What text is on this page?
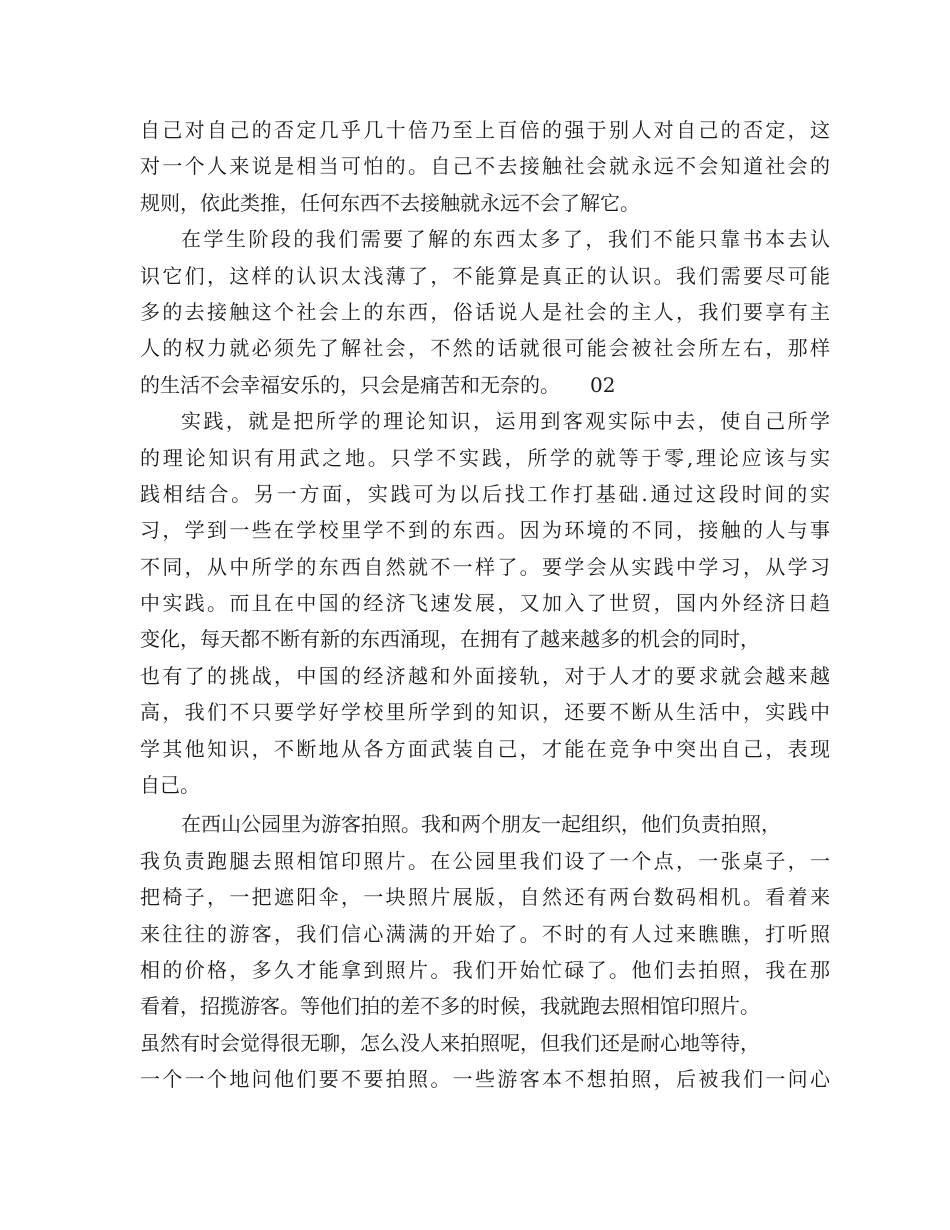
自己对自己的否定几乎几十倍乃至上百倍的强于别人对自己的否定，这
对一个人来说是相当可怕的。自己不去接触社会就永远不会知道社会的
规则，依此类推，任何东西不去接触就永远不会了解它。
在学生阶段的我们需要了解的东西太多了，我们不能只靠书本去认
识它们，这样的认识太浅薄了，不能算是真正的认识。我们需要尽可能
多的去接触这个社会上的东西，俗话说人是社会的主人，我们要享有主
人的权力就必须先了解社会，不然的话就很可能会被社会所左右，那样
的生活不会幸福安乐的，只会是痛苦和无奈的。　　02
实践，就是把所学的理论知识，运用到客观实际中去，使自己所学
的理论知识有用武之地。只学不实践，所学的就等于零,理论应该与实
践相结合。另一方面，实践可为以后找工作打基础.通过这段时间的实
习，学到一些在学校里学不到的东西。因为环境的不同，接触的人与事
不同，从中所学的东西自然就不一样了。要学会从实践中学习，从学习
中实践。而且在中国的经济飞速发展，又加入了世贸，国内外经济日趋
变化，每天都不断有新的东西涌现，在拥有了越来越多的机会的同时，
也有了的挑战，中国的经济越和外面接轨，对于人才的要求就会越来越
高，我们不只要学好学校里所学到的知识，还要不断从生活中，实践中
学其他知识，不断地从各方面武装自己，才能在竞争中突出自己，表现
自己。
在西山公园里为游客拍照。我和两个朋友一起组织，他们负责拍照，
我负责跑腿去照相馆印照片。在公园里我们设了一个点，一张桌子，一
把椅子，一把遮阳伞，一块照片展版，自然还有两台数码相机。看着来
来往往的游客，我们信心满满的开始了。不时的有人过来瞧瞧，打听照
相的价格，多久才能拿到照片。我们开始忙碌了。他们去拍照，我在那
看着，招揽游客。等他们拍的差不多的时候，我就跑去照相馆印照片。
虽然有时会觉得很无聊，怎么没人来拍照呢，但我们还是耐心地等待，
一个一个地问他们要不要拍照。一些游客本不想拍照，后被我们一问心
